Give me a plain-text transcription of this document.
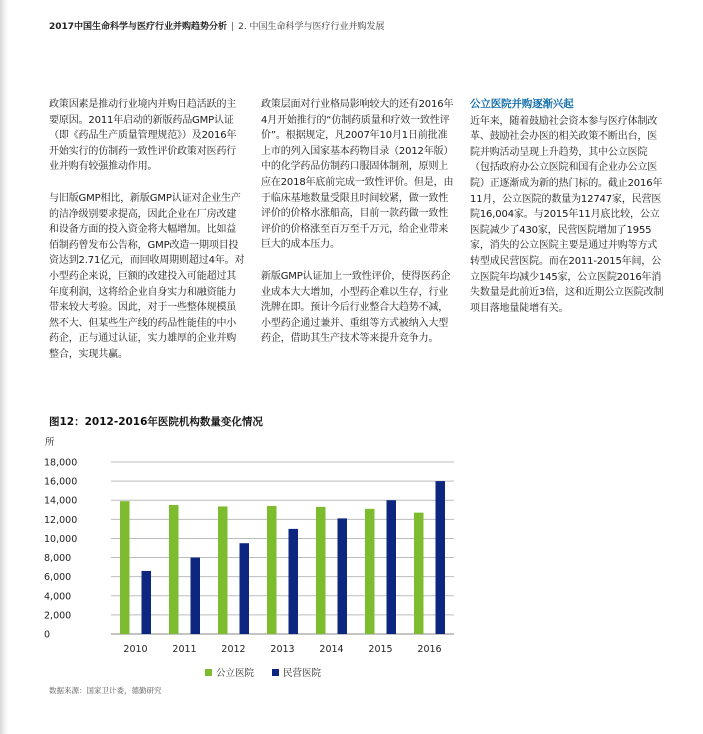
2017中国生命科学与医疗行业并购趋势分析 | 2. 中国生命科学与医疗行业并购发展

政策因素是推动行业境内并购日趋活跃的主要原因。2011年启动的新版药品GMP认证（即《药品生产质量管理规范》）及2016年开始实行的仿制药一致性评价政策对医药行业并购有较强推动作用。

与旧版GMP相比，新版GMP认证对企业生产的洁净级别要求提高，因此企业在厂房改建和设备方面的投入资金将大幅增加。比如益佰制药曾发布公告称，GMP改造一期项目投资达到2.71亿元，而回收周期则超过4年。对小型药企来说，巨额的改建投入可能超过其年度利润，这将给企业自身实力和融资能力带来较大考验。因此，对于一些整体规模虽然不大、但某些生产线的药品性能佳的中小药企，正与通过认证，实力雄厚的企业并购整合，实现共赢。

政策层面对行业格局影响较大的还有2016年4月开始推行的“仿制药质量和疗效一致性评价”。根据规定，凡2007年10月1日前批准上市的列入国家基本药物目录（2012年版）中的化学药品仿制药口服固体制剂，原则上应在2018年底前完成一致性评价。但是，由于临床基地数量受限且时间较紧，做一致性评价的价格水涨船高，目前一款药做一致性评价的价格涨至百万至千万元，给企业带来巨大的成本压力。

新版GMP认证加上一致性评价，使得医药企业成本大大增加，小型药企难以生存，行业洗牌在即。预计今后行业整合大趋势不减，小型药企通过兼并、重组等方式被纳入大型药企，借助其生产技术等来提升竞争力。

公立医院并购逐渐兴起

近年来，随着鼓励社会资本参与医疗体制改革、鼓励社会办医的相关政策不断出台，医院并购活动呈现上升趋势，其中公立医院（包括政府办公立医院和国有企业办公立医院）正逐渐成为新的热门标的。截止2016年11月，公立医院的数量为12747家，民营医院16,004家。与2015年11月底比较，公立医院减少了430家，民营医院增加了1955家，消失的公立医院主要是通过并购等方式转型成民营医院。而在2011-2015年间，公立医院年均减少145家，公立医院2016年消失数量是此前近3倍，这和近期公立医院改制项目落地量陡增有关。

图12：2012-2016年医院机构数量变化情况
0
2,000
4,000
6,000
8,000
10,000
12,000
14,000
16,000
18,000
所
2010	2011	2012	2013	2014	2015	2016
公立医院	民营医院
数据来源：国家卫计委，德勤研究
